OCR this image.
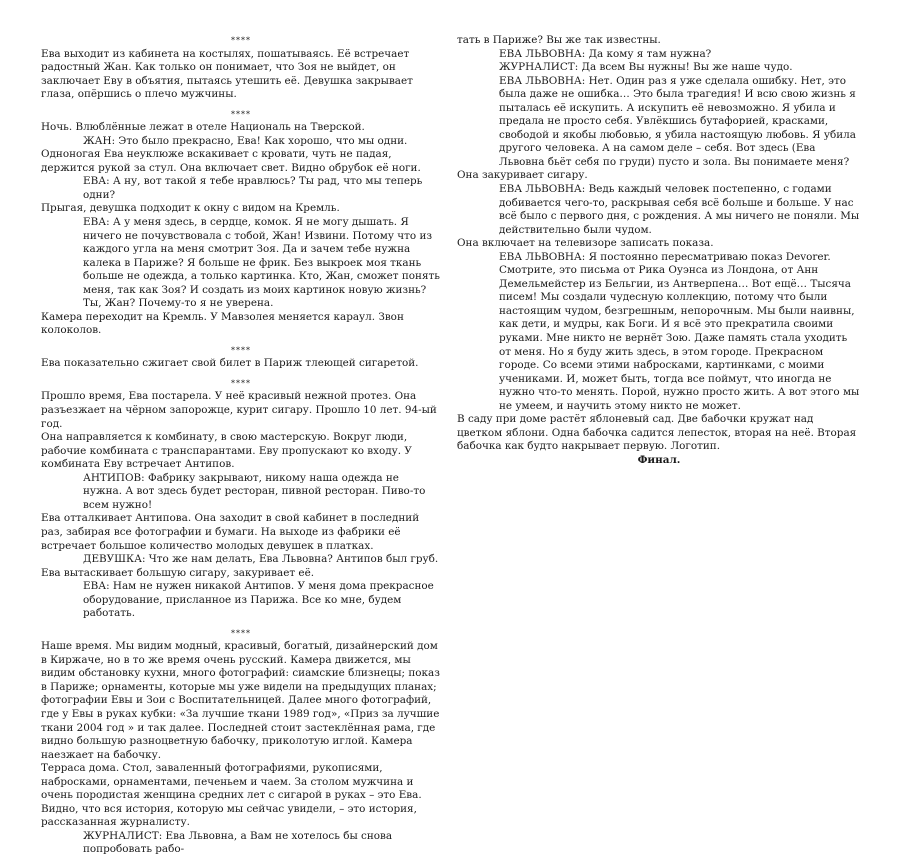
****

Ева выходит из кабинета на костылях, пошатываясь. Её встречает радостный Жан. Как только он понимает, что Зоя не выйдет, он заключает Еву в объятия, пытаясь утешить её. Девушка закрывает глаза, опёршись о плечо мужчины.

****

Ночь. Влюблённые лежат в отеле Националь на Тверской.

ЖАН: Это было прекрасно, Ева! Как хорошо, что мы одни.

Одноногая Ева неуклюже вскакивает с кровати, чуть не падая, держится рукой за стул. Она включает свет. Видно обрубок её ноги.

ЕВА: А ну, вот такой я тебе нравлюсь? Ты рад, что мы теперь одни?

Прыгая, девушка подходит к окну с видом на Кремль.

ЕВА: А у меня здесь, в сердце, комок. Я не могу дышать. Я ничего не почувствовала с тобой, Жан! Извини. Потому что из каждого угла на меня смотрит Зоя. Да и зачем тебе нужна калека в Париже? Я больше не фрик. Без выкроек моя ткань больше не одежда, а только картинка. Кто, Жан, сможет понять меня, так как Зоя? И создать из моих картинок новую жизнь? Ты, Жан? Почему-то я не уверена.

Камера переходит на Кремль. У Мавзолея меняется караул. Звон колоколов.

****

Ева показательно сжигает свой билет в Париж тлеющей сигаретой.

****

Прошло время, Ева постарела. У неё красивый нежной протез. Она разъезжает на чёрном запорожце, курит сигару. Прошло 10 лет. 94-ый год.

Она направляется к комбинату, в свою мастерскую. Вокруг люди, рабочие комбината с транспарантами. Еву пропускают ко входу. У комбината Еву встречает Антипов.

АНТИПОВ: Фабрику закрывают, никому наша одежда не нужна. А вот здесь будет ресторан, пивной ресторан. Пиво-то всем нужно!

Ева отталкивает Антипова. Она заходит в свой кабинет в последний раз, забирая все фотографии и бумаги. На выходе из фабрики её встречает большое количество молодых девушек в платках.

ДЕВУШКА: Что же нам делать, Ева Львовна? Антипов был груб.

Ева вытаскивает большую сигару, закуривает её.

ЕВА: Нам не нужен никакой Антипов. У меня дома прекрасное оборудование, присланное из Парижа. Все ко мне, будем работать.

****

Наше время. Мы видим модный, красивый, богатый, дизайнерский дом в Киржаче, но в то же время очень русский. Камера движется, мы видим обстановку кухни, много фотографий: сиамские близнецы; показ в Париже; орнаменты, которые мы уже видели на предыдущих планах; фотографии Евы и Зои с Воспитательницей. Далее много фотографий, где у Евы в руках кубки: «За лучшие ткани 1989 год», «Приз за лучшие ткани 2004 год » и так далее. Последней стоит застеклённая рама, где видно большую разноцветную бабочку, приколотую иглой. Камера наезжает на бабочку.

Терраса дома. Стол, заваленный фотографиями, рукописями, набросками, орнаментами, печеньем и чаем. За столом мужчина и очень породистая женщина средних лет с сигарой в руках – это Ева. Видно, что вся история, которую мы сейчас увидели, – это история, рассказанная журналисту.

ЖУРНАЛИСТ: Ева Львовна, а Вам не хотелось бы снова попробовать рабо-

тать в Париже? Вы же так известны.

ЕВА ЛЬВОВНА: Да кому я там нужна?

ЖУРНАЛИСТ: Да всем Вы нужны! Вы же наше чудо.

ЕВА ЛЬВОВНА: Нет. Один раз я уже сделала ошибку. Нет, это была даже не ошибка… Это была трагедия! И всю свою жизнь я пыталась её искупить. А искупить её невозможно. Я убила и предала не просто себя. Увлёкшись бутафорией, красками, свободой и якобы любовью, я убила настоящую любовь. Я убила другого человека. А на самом деле – себя. Вот здесь (Ева Львовна бьёт себя по груди) пусто и зола. Вы понимаете меня?

Она закуривает сигару.

ЕВА ЛЬВОВНА: Ведь каждый человек постепенно, с годами добивается чего-то, раскрывая себя всё больше и больше. У нас всё было с первого дня, с рождения. А мы ничего не поняли. Мы действительно были чудом.

Она включает на телевизоре записать показа.

ЕВА ЛЬВОВНА: Я постоянно пересматриваю показ Devorer. Смотрите, это письма от Рика Оуэнса из Лондона, от Анн Демельмейстер из Бельгии, из Антверпена… Вот ещё… Тысяча писем! Мы создали чудесную коллекцию, потому что были настоящим чудом, безгрешным, непорочным. Мы были наивны, как дети, и мудры, как Боги. И я всё это прекратила своими руками. Мне никто не вернёт Зою. Даже память стала уходить от меня. Но я буду жить здесь, в этом городе. Прекрасном городе. Со всеми этими набросками, картинками, с моими учениками. И, может быть, тогда все поймут, что иногда не нужно что-то менять. Порой, нужно просто жить. А вот этого мы не умеем, и научить этому никто не может.

В саду при доме растёт яблоневый сад. Две бабочки кружат над цветком яблони. Одна бабочка садится лепесток, вторая на неё. Вторая бабочка как будто накрывает первую. Логотип.

Финал.
